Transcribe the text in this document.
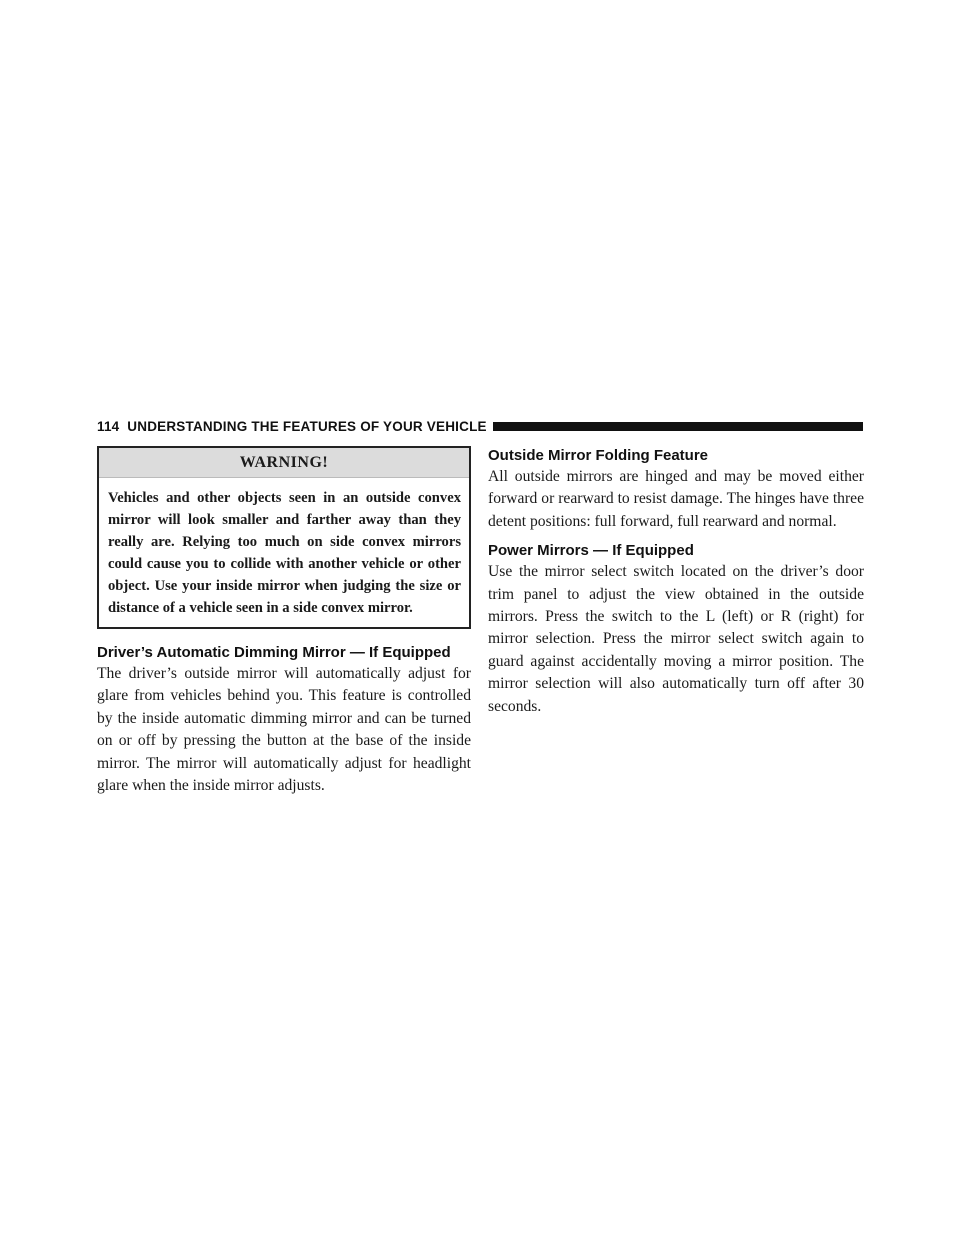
114 UNDERSTANDING THE FEATURES OF YOUR VEHICLE
WARNING!
Vehicles and other objects seen in an outside convex mirror will look smaller and farther away than they really are. Relying too much on side convex mirrors could cause you to collide with another vehicle or other object. Use your inside mirror when judging the size or distance of a vehicle seen in a side convex mirror.
Driver’s Automatic Dimming Mirror — If Equipped

The driver’s outside mirror will automatically adjust for glare from vehicles behind you. This feature is controlled by the inside automatic dimming mirror and can be turned on or off by pressing the button at the base of the inside mirror. The mirror will automatically adjust for headlight glare when the inside mirror adjusts.

Outside Mirror Folding Feature

All outside mirrors are hinged and may be moved either forward or rearward to resist damage. The hinges have three detent positions: full forward, full rearward and normal.

Power Mirrors — If Equipped

Use the mirror select switch located on the driver’s door trim panel to adjust the view obtained in the outside mirrors. Press the switch to the L (left) or R (right) for mirror selection. Press the mirror select switch again to guard against accidentally moving a mirror position. The mirror selection will also automatically turn off after 30 seconds.
